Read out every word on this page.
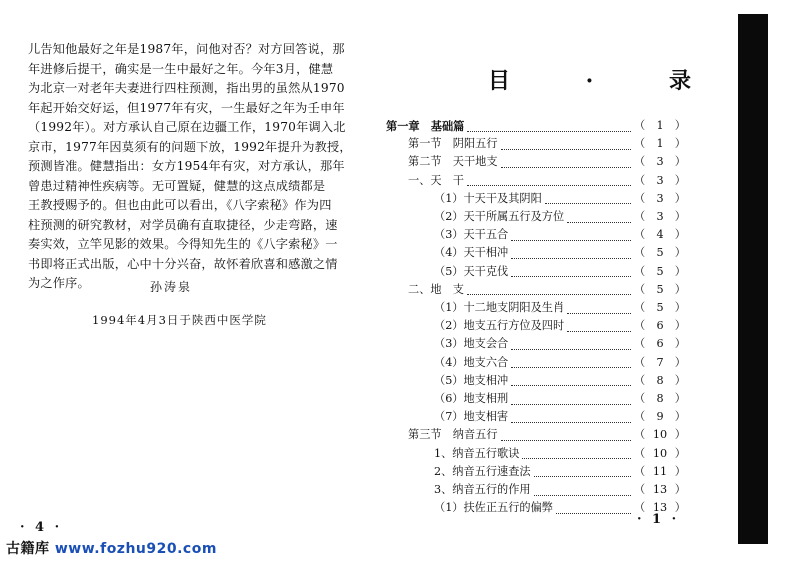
儿告知他最好之年是1987年，问他对否？对方回答说，那

年进修后提干，确实是一生中最好之年。今年3月，健慧

为北京一对老年夫妻进行四柱预测，指出男的虽然从1970

年起开始交好运，但1977年有灾，一生最好之年为壬申年

（1992年）。对方承认自己原在边疆工作，1970年调入北

京市，1977年因莫须有的问题下放，1992年提升为教授，

预测皆准。健慧指出：女方1954年有灾，对方承认，那年

曾患过精神性疾病等。无可置疑，健慧的这点成绩都是

王教授赐予的。但也由此可以看出，《八字索秘》作为四

柱预测的研究教材，对学员确有直取捷径，少走弯路，速

奏实效，立竿见影的效果。今得知先生的《八字索秘》一

书即将正式出版，心中十分兴奋，故怀着欣喜和感激之情

为之作序。	孙涛泉
1994年4月3日于陕西中医学院
· 4 ·
目 · 录
第一章　基础篇	（ 1 ）
第一节　阴阳五行	（ 1 ）
第二节　天干地支	（ 3 ）
一、天　干	（ 3 ）
（1）十天干及其阴阳	（ 3 ）
（2）天干所属五行及方位	（ 3 ）
（3）天干五合	（ 4 ）
（4）天干相冲	（ 5 ）
（5）天干克伐	（ 5 ）
二、地　支	（ 5 ）
（1）十二地支阴阳及生肖	（ 5 ）
（2）地支五行方位及四时	（ 6 ）
（3）地支会合	（ 6 ）
（4）地支六合	（ 7 ）
（5）地支相冲	（ 8 ）
（6）地支相刑	（ 8 ）
（7）地支相害	（ 9 ）
第三节　纳音五行	（ 10 ）
1、纳音五行歌诀	（ 10 ）
2、纳音五行速查法	（ 11 ）
3、纳音五行的作用	（ 13 ）
（1）扶佐正五行的偏弊	（ 13 ）
· 1 ·
古籍库 www.fozhu920.com
